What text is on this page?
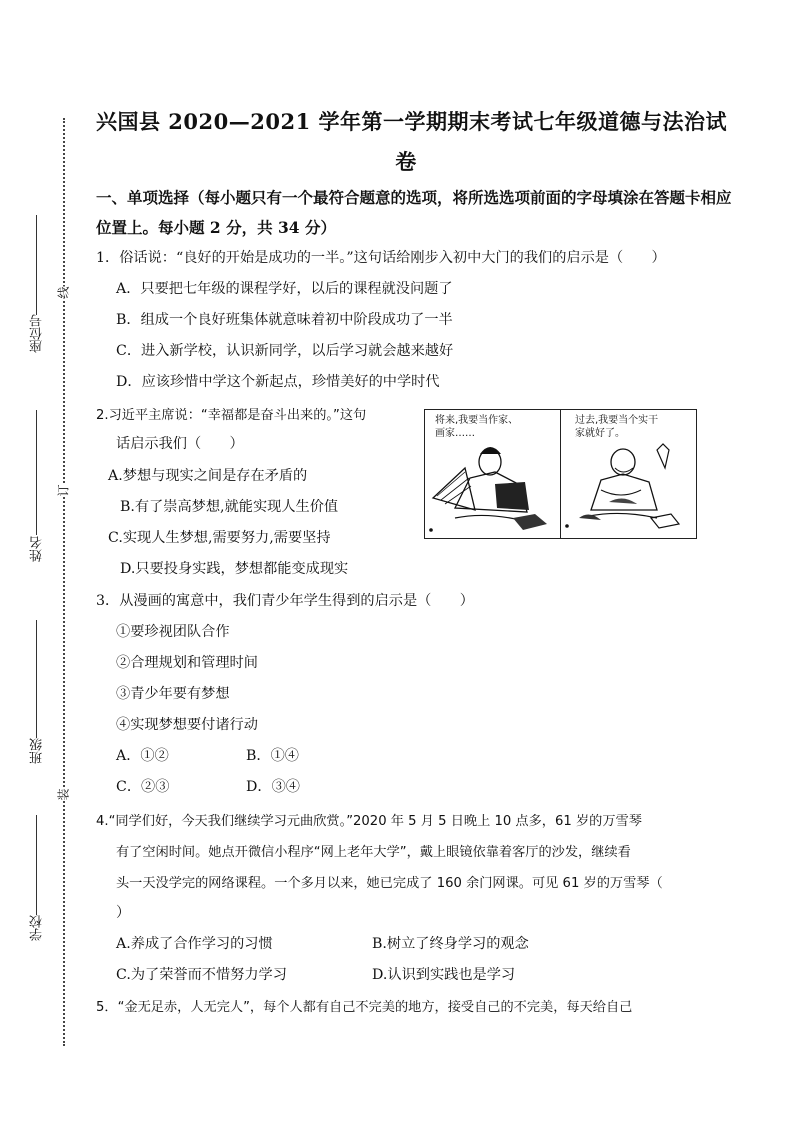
线
订
装
座位号
姓名
班级
学校
兴国县 2020—2021 学年第一学期期末考试七年级道德与法治试
卷
一、单项选择（每小题只有一个最符合题意的选项，将所选选项前面的字母填涂在答题卡相应
位置上。每小题 2 分，共 34 分）
1．俗话说：“良好的开始是成功的一半。”这句话给刚步入初中大门的我们的启示是（　　）
A．只要把七年级的课程学好，以后的课程就没问题了
B．组成一个良好班集体就意味着初中阶段成功了一半
C．进入新学校，认识新同学，以后学习就会越来越好
D．应该珍惜中学这个新起点，珍惜美好的中学时代
2.习近平主席说：“幸福都是奋斗出来的。”这句
话启示我们（　　）
A.梦想与现实之间是存在矛盾的
B.有了崇高梦想,就能实现人生价值
C.实现人生梦想,需要努力,需要坚持
D.只要投身实践，梦想都能变成现实
将来,我要当作家、
画家……
过去,我要当个实干
家就好了。
3．从漫画的寓意中，我们青少年学生得到的启示是（　　）
①要珍视团队合作
②合理规划和管理时间
③青少年要有梦想
④实现梦想要付诸行动
A．①②	B．①④
C．②③	D．③④
4.“同学们好，今天我们继续学习元曲欣赏。”2020 年 5 月 5 日晚上 10 点多，61 岁的万雪琴
有了空闲时间。她点开微信小程序“网上老年大学”，戴上眼镜依靠着客厅的沙发，继续看
头一天没学完的网络课程。一个多月以来，她已完成了 160 余门网课。可见 61 岁的万雪琴（
）
A.养成了合作学习的习惯	B.树立了终身学习的观念
C.为了荣誉而不惜努力学习	D.认识到实践也是学习
5．“金无足赤，人无完人”，每个人都有自己不完美的地方，接受自己的不完美，每天给自己
